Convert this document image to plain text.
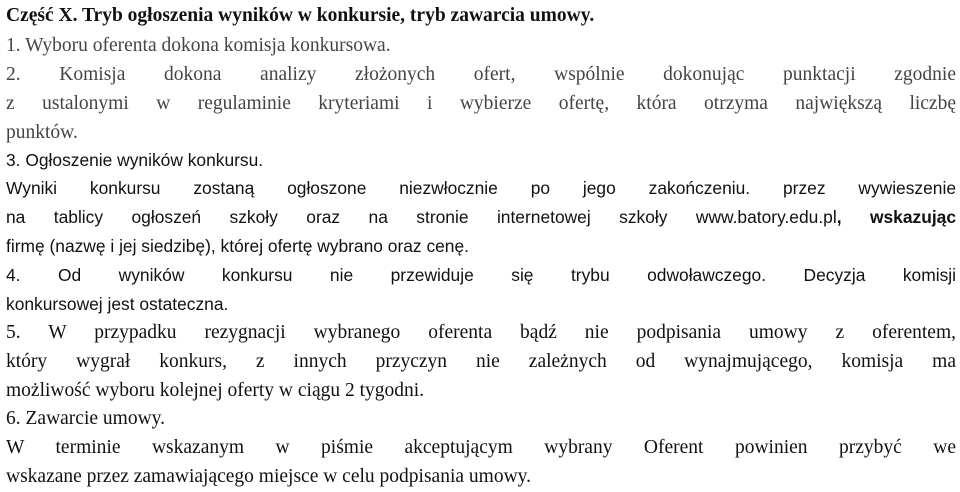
Część X. Tryb ogłoszenia wyników w konkursie, tryb zawarcia umowy.
1. Wyboru oferenta dokona komisja konkursowa.
2. Komisja dokona analizy złożonych ofert, wspólnie dokonując punktacji zgodnie
z ustalonymi w regulaminie kryteriami i wybierze ofertę, która otrzyma największą liczbę
punktów.
3. Ogłoszenie wyników konkursu.
Wyniki konkursu zostaną ogłoszone niezwłocznie po jego zakończeniu. przez wywieszenie
na tablicy ogłoszeń szkoły oraz na stronie internetowej szkoły www.batory.edu.pl, wskazując
firmę (nazwę i jej siedzibę), której ofertę wybrano oraz cenę.
4. Od wyników konkursu nie przewiduje się trybu odwoławczego. Decyzja komisji
konkursowej jest ostateczna.
5. W przypadku rezygnacji wybranego oferenta bądź nie podpisania umowy z oferentem,
który wygrał konkurs, z innych przyczyn nie zależnych od wynajmującego, komisja ma
możliwość wyboru kolejnej oferty w ciągu 2 tygodni.
6. Zawarcie umowy.
W terminie wskazanym w piśmie akceptującym wybrany Oferent powinien przybyć we
wskazane przez zamawiającego miejsce w celu podpisania umowy.
